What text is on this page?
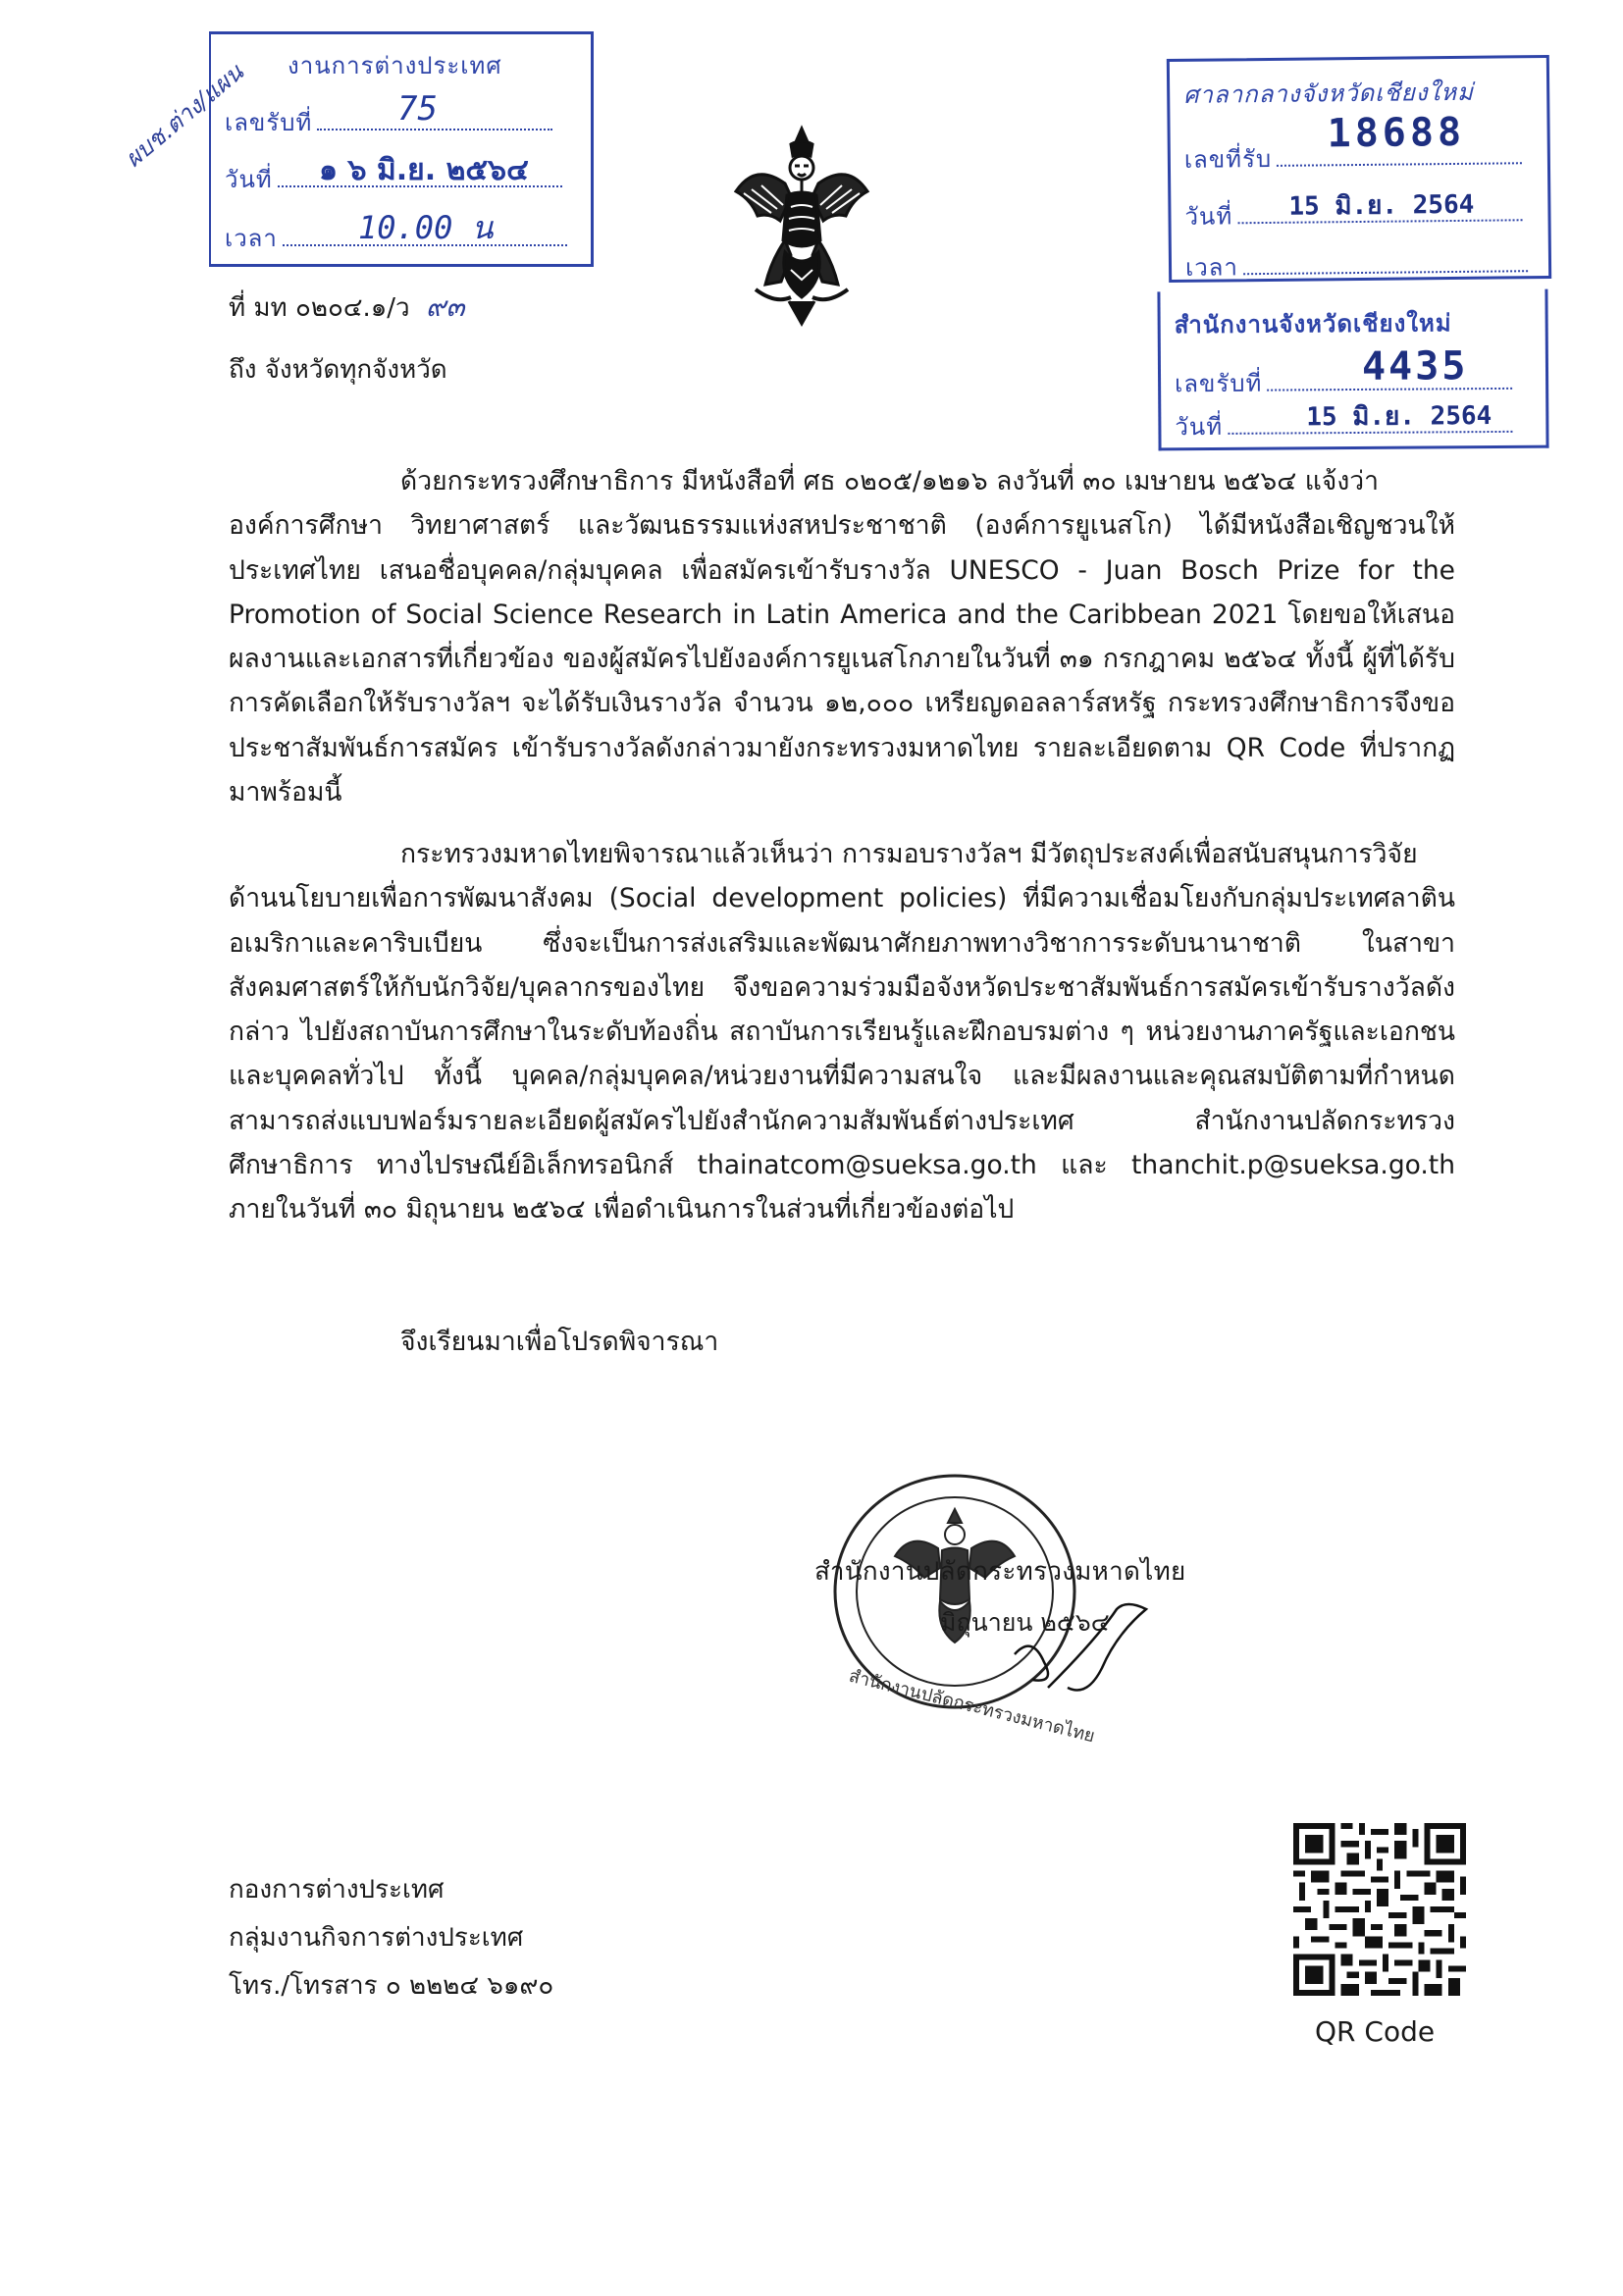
งานการต่างประเทศ
เลขรับที่	75
วันที่	๑ ๖ มิ.ย. ๒๕๖๔
เวลา	10.00 น
ผบช.ต่าง/แผน	ศาลากลางจังหวัดเชียงใหม่
เลขที่รับ
18688
วันที่	15 มิ.ย. 2564
เวลา
สำนักงานจังหวัดเชียงใหม่
เลขรับที่	4435
วันที่	15 มิ.ย. 2564
ที่ มท ๐๒๐๔.๑/ว ๙๓
ถึง จังหวัดทุกจังหวัด
ด้วยกระทรวงศึกษาธิการ มีหนังสือที่ ศธ ๐๒๐๕/๑๒๑๖ ลงวันที่ ๓๐ เมษายน ๒๕๖๔ แจ้งว่า
องค์การศึกษา วิทยาศาสตร์ และวัฒนธรรมแห่งสหประชาชาติ (องค์การยูเนสโก) ได้มีหนังสือเชิญชวนให้ประเทศไทย เสนอชื่อบุคคล/กลุ่มบุคคล เพื่อสมัครเข้ารับรางวัล UNESCO - Juan Bosch Prize for the Promotion of Social Science Research in Latin America and the Caribbean 2021 โดยขอให้เสนอผลงานและเอกสารที่เกี่ยวข้อง ของผู้สมัครไปยังองค์การยูเนสโกภายในวันที่ ๓๑ กรกฎาคม ๒๕๖๔ ทั้งนี้ ผู้ที่ได้รับการคัดเลือกให้รับรางวัลฯ จะได้รับเงินรางวัล จำนวน ๑๒,๐๐๐ เหรียญดอลลาร์สหรัฐ กระทรวงศึกษาธิการจึงขอประชาสัมพันธ์การสมัคร เข้ารับรางวัลดังกล่าวมายังกระทรวงมหาดไทย รายละเอียดตาม QR Code ที่ปรากฏมาพร้อมนี้
กระทรวงมหาดไทยพิจารณาแล้วเห็นว่า การมอบรางวัลฯ มีวัตถุประสงค์เพื่อสนับสนุนการวิจัย
ด้านนโยบายเพื่อการพัฒนาสังคม (Social development policies) ที่มีความเชื่อมโยงกับกลุ่มประเทศลาติน อเมริกาและคาริบเบียน ซึ่งจะเป็นการส่งเสริมและพัฒนาศักยภาพทางวิชาการระดับนานาชาติ ในสาขา สังคมศาสตร์ให้กับนักวิจัย/บุคลากรของไทย จึงขอความร่วมมือจังหวัดประชาสัมพันธ์การสมัครเข้ารับรางวัลดังกล่าว ไปยังสถาบันการศึกษาในระดับท้องถิ่น สถาบันการเรียนรู้และฝึกอบรมต่าง ๆ หน่วยงานภาครัฐและเอกชน และบุคคลทั่วไป ทั้งนี้ บุคคล/กลุ่มบุคคล/หน่วยงานที่มีความสนใจ และมีผลงานและคุณสมบัติตามที่กำหนด สามารถส่งแบบฟอร์มรายละเอียดผู้สมัครไปยังสำนักความสัมพันธ์ต่างประเทศ สำนักงานปลัดกระทรวงศึกษาธิการ ทางไปรษณีย์อิเล็กทรอนิกส์ thainatcom@sueksa.go.th และ thanchit.p@sueksa.go.th ภายในวันที่ ๓๐ มิถุนายน ๒๕๖๔ เพื่อดำเนินการในส่วนที่เกี่ยวข้องต่อไป
จึงเรียนมาเพื่อโปรดพิจารณา
สำนักงานปลัดกระทรวงมหาดไทย
มิถุนายน ๒๕๖๔
สำนักงานปลัดกระทรวงมหาดไทย
กองการต่างประเทศ
กลุ่มงานกิจการต่างประเทศ
โทร./โทรสาร ๐ ๒๒๒๔ ๖๑๙๐
QR Code
